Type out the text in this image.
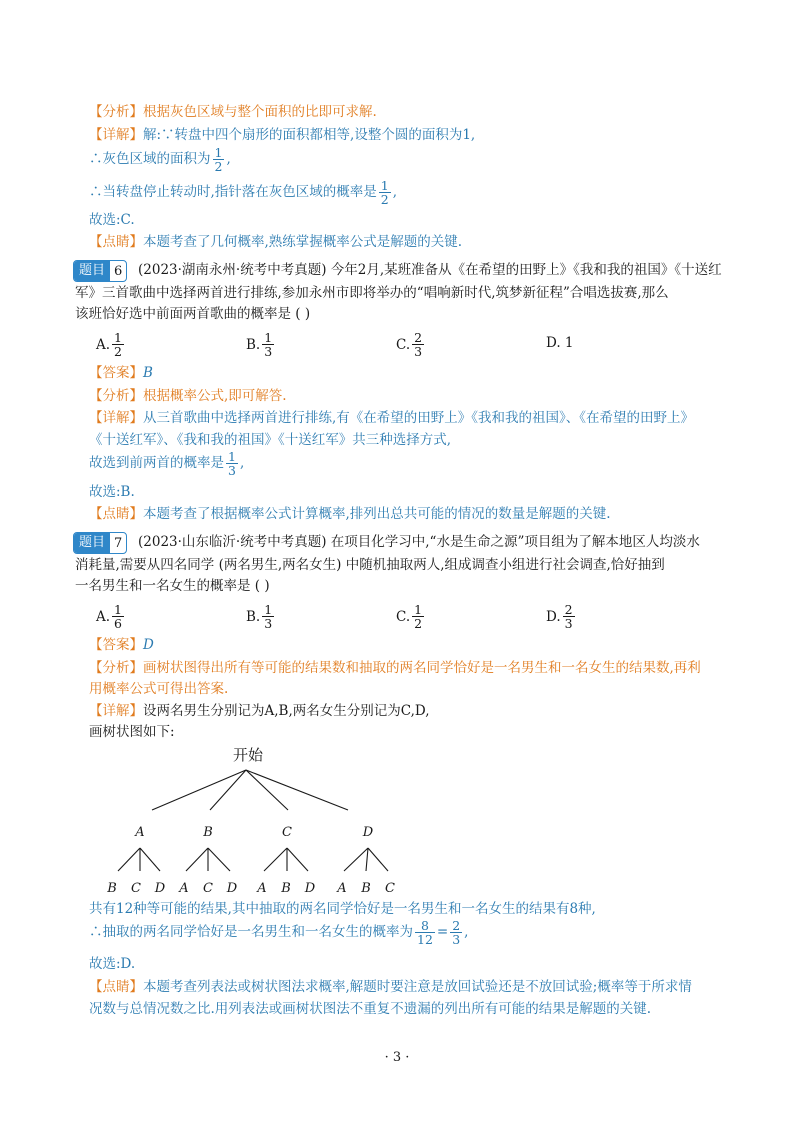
【分析】根据灰色区域与整个面积的比即可求解.
【详解】解:∵转盘中四个扇形的面积都相等,设整个圆的面积为1,
∴灰色区域的面积为 $\frac{1}{2}$ ,
∴当转盘停止转动时,指针落在灰色区域的概率是 $\frac{1}{2}$ ,
故选:C.
【点睛】本题考查了几何概率,熟练掌握概率公式是解题的关键.
题目 6 (2023·湖南永州·统考中考真题) 今年2月,某班准备从《在希望的田野上》《我和我的祖国》《十送红
军》三首歌曲中选择两首进行排练,参加永州市即将举办的“唱响新时代,筑梦新征程”合唱选拔赛,那么
该班恰好选中前面两首歌曲的概率是 ( )
A. $\frac{1}{2}$	B. $\frac{1}{3}$	C. $\frac{2}{3}$	D. 1
【答案】B
【分析】根据概率公式,即可解答.
【详解】从三首歌曲中选择两首进行排练,有《在希望的田野上》《我和我的祖国》、《在希望的田野上》
《十送红军》、《我和我的祖国》《十送红军》共三种选择方式,
故选到前两首的概率是 $\frac{1}{3}$ ,
故选:B.
【点睛】本题考查了根据概率公式计算概率,排列出总共可能的情况的数量是解题的关键.
题目 7 (2023·山东临沂·统考中考真题) 在项目化学习中,“水是生命之源”项目组为了解本地区人均淡水
消耗量,需要从四名同学 (两名男生,两名女生) 中随机抽取两人,组成调查小组进行社会调查,恰好抽到
一名男生和一名女生的概率是 ( )
A. $\frac{1}{6}$	B. $\frac{1}{3}$	C. $\frac{1}{2}$	D. $\frac{2}{3}$
【答案】D
【分析】画树状图得出所有等可能的结果数和抽取的两名同学恰好是一名男生和一名女生的结果数,再利
用概率公式可得出答案.
【详解】设两名男生分别记为A,B,两名女生分别记为C,D,
画树状图如下:
开始
A	B	C	D
B C D A C D A B D A B C
共有12种等可能的结果,其中抽取的两名同学恰好是一名男生和一名女生的结果有8种,
∴抽取的两名同学恰好是一名男生和一名女生的概率为 $\frac{8}{12} = \frac{2}{3}$ ,
故选:D.
【点睛】本题考查列表法或树状图法求概率,解题时要注意是放回试验还是不放回试验;概率等于所求情
况数与总情况数之比.用列表法或画树状图法不重复不遗漏的列出所有可能的结果是解题的关键.
· 3 ·
